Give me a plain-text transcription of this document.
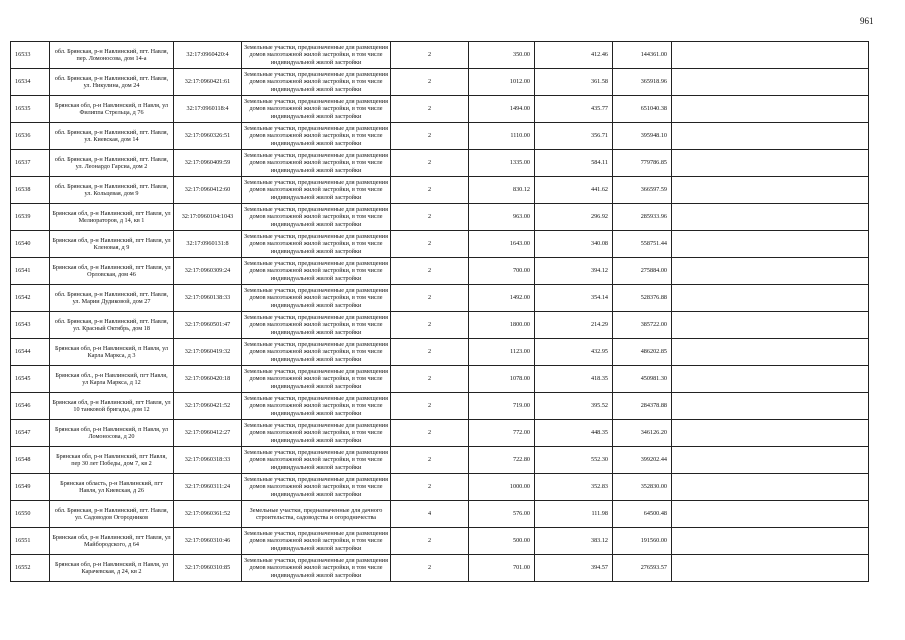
961
16533	обл. Брянская, р-н Навлинский, пгт. Навля, пер. Ломоносова, дом 14-а	32:17:0960420:4	Земельные участки, предназначенные для размещения домов малоэтажной жилой застройки, в том числе индивидуальной жилой застройки	2	350.00	412.46	144361.00	
16534	обл. Брянская, р-н Навлинский, пгт. Навля, ул. Никулина, дом 24	32:17:0960421:61	Земельные участки, предназначенные для размещения домов малоэтажной жилой застройки, в том числе индивидуальной жилой застройки	2	1012.00	361.58	365918.96	
16535	Брянская обл, р-н Навлинский, п Навля, ул Филиппа Стрельца, д 76	32:17:0960118:4	Земельные участки, предназначенные для размещения домов малоэтажной жилой застройки, в том числе индивидуальной жилой застройки	2	1494.00	435.77	651040.38	
16536	обл. Брянская, р-н Навлинский, пгт. Навля, ул. Киевская, дом 14	32:17:0960326:51	Земельные участки, предназначенные для размещения домов малоэтажной жилой застройки, в том числе индивидуальной жилой застройки	2	1110.00	356.71	395948.10	
16537	обл. Брянская, р-н Навлинский, пгт. Навля, ул. Леонардо Гарсиа, дом 2	32:17:0960409:59	Земельные участки, предназначенные для размещения домов малоэтажной жилой застройки, в том числе индивидуальной жилой застройки	2	1335.00	584.11	779786.85	
16538	обл. Брянская, р-н Навлинский, пгт. Навля, ул. Кольцевая, дом 9	32:17:0960412:60	Земельные участки, предназначенные для размещения домов малоэтажной жилой застройки, в том числе индивидуальной жилой застройки	2	830.12	441.62	366597.59	
16539	Брянская обл, р-н Навлинский, пгт Навля, ул Мелиораторов, д 14, кв 1	32:17:0960104:1043	Земельные участки, предназначенные для размещения домов малоэтажной жилой застройки, в том числе индивидуальной жилой застройки	2	963.00	296.92	285933.96	
16540	Брянская обл, р-н Навлинский, пгт Навля, ул Кленовая, д 9	32:17:0960131:8	Земельные участки, предназначенные для размещения домов малоэтажной жилой застройки, в том числе индивидуальной жилой застройки	2	1643.00	340.08	558751.44	
16541	Брянская обл, р-н Навлинский, пгт Навля, ул Орловская, дом 46	32:17:0960309:24	Земельные участки, предназначенные для размещения домов малоэтажной жилой застройки, в том числе индивидуальной жилой застройки	2	700.00	394.12	275884.00	
16542	обл. Брянская, р-н Навлинский, пгт. Навля, ул. Марии Дудиковой, дом 27	32:17:0960138:33	Земельные участки, предназначенные для размещения домов малоэтажной жилой застройки, в том числе индивидуальной жилой застройки	2	1492.00	354.14	528376.88	
16543	обл. Брянская, р-н Навлинский, пгт. Навля, ул. Красный Октябрь, дом 18	32:17:0960501:47	Земельные участки, предназначенные для размещения домов малоэтажной жилой застройки, в том числе индивидуальной жилой застройки	2	1800.00	214.29	385722.00	
16544	Брянская обл, р-н Навлинский, п Навля, ул Карла Маркса, д 3	32:17:0960419:32	Земельные участки, предназначенные для размещения домов малоэтажной жилой застройки, в том числе индивидуальной жилой застройки	2	1123.00	432.95	486202.85	
16545	Брянская обл., р-н Навлинский, пгт Навля, ул Карла Маркса, д 12	32:17:0960420:18	Земельные участки, предназначенные для размещения домов малоэтажной жилой застройки, в том числе индивидуальной жилой застройки	2	1078.00	418.35	450981.30	
16546	Брянская обл, р-н Навлинский, пгт Навля, ул 10 танковой бригады, дом 12	32:17:0960421:52	Земельные участки, предназначенные для размещения домов малоэтажной жилой застройки, в том числе индивидуальной жилой застройки	2	719.00	395.52	284378.88	
16547	Брянская обл, р-н Навлинский, п Навля, ул Ломоносова, д 20	32:17:0960412:27	Земельные участки, предназначенные для размещения домов малоэтажной жилой застройки, в том числе индивидуальной жилой застройки	2	772.00	448.35	346126.20	
16548	Брянская обл, р-н Навлинский, пгт Навля, пер 30 лет Победы, дом 7, кв 2	32:17:0960318:33	Земельные участки, предназначенные для размещения домов малоэтажной жилой застройки, в том числе индивидуальной жилой застройки	2	722.80	552.30	399202.44	
16549	Брянская область, р-н Навлинский, пгт Навля, ул Киевская, д 26	32:17:0960311:24	Земельные участки, предназначенные для размещения домов малоэтажной жилой застройки, в том числе индивидуальной жилой застройки	2	1000.00	352.83	352830.00	
16550	обл. Брянская, р-н Навлинский, пгт. Навля, ул. Садоводов Огородников	32:17:0960361:52	Земельные участки, предназначенные для дачного строительства, садоводства и огородничества	4	576.00	111.98	64500.48	
16551	Брянская обл, р-н Навлинский, пгт Навля, ул Майбородского, д 64	32:17:0960310:46	Земельные участки, предназначенные для размещения домов малоэтажной жилой застройки, в том числе индивидуальной жилой застройки	2	500.00	383.12	191560.00	
16552	Брянская обл, р-н Навлинский, п Навля, ул Карачевская, д 24, кв 2	32:17:0960310:85	Земельные участки, предназначенные для размещения домов малоэтажной жилой застройки, в том числе индивидуальной жилой застройки	2	701.00	394.57	276593.57	
